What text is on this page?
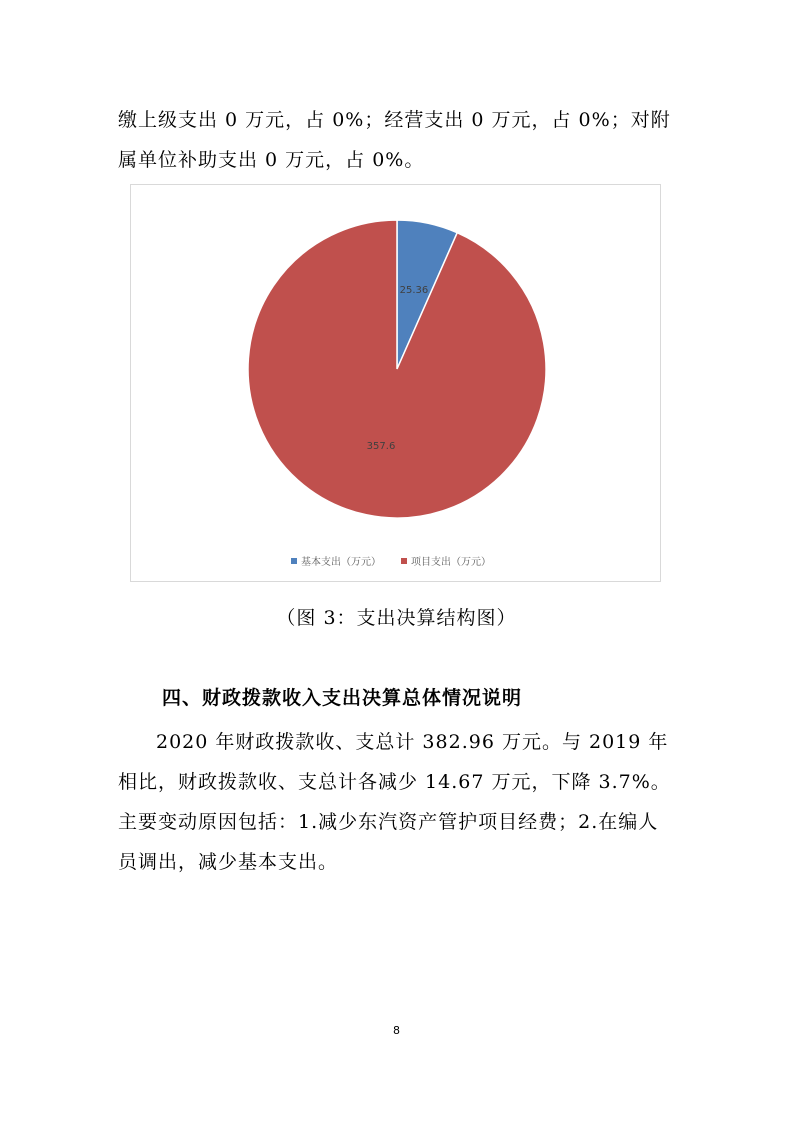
缴上级支出 0 万元，占 0%；经营支出 0 万元，占 0%；对附属单位补助支出 0 万元，占 0%。

25.36
357.6
基本支出（万元）	项目支出（万元）
（图 3：支出决算结构图）
四、财政拨款收入支出决算总体情况说明

2020 年财政拨款收、支总计 382.96 万元。与 2019 年相比，财政拨款收、支总计各减少 14.67 万元，下降 3.7%。主要变动原因包括：1.减少东汽资产管护项目经费；2.在编人员调出，减少基本支出。

8
